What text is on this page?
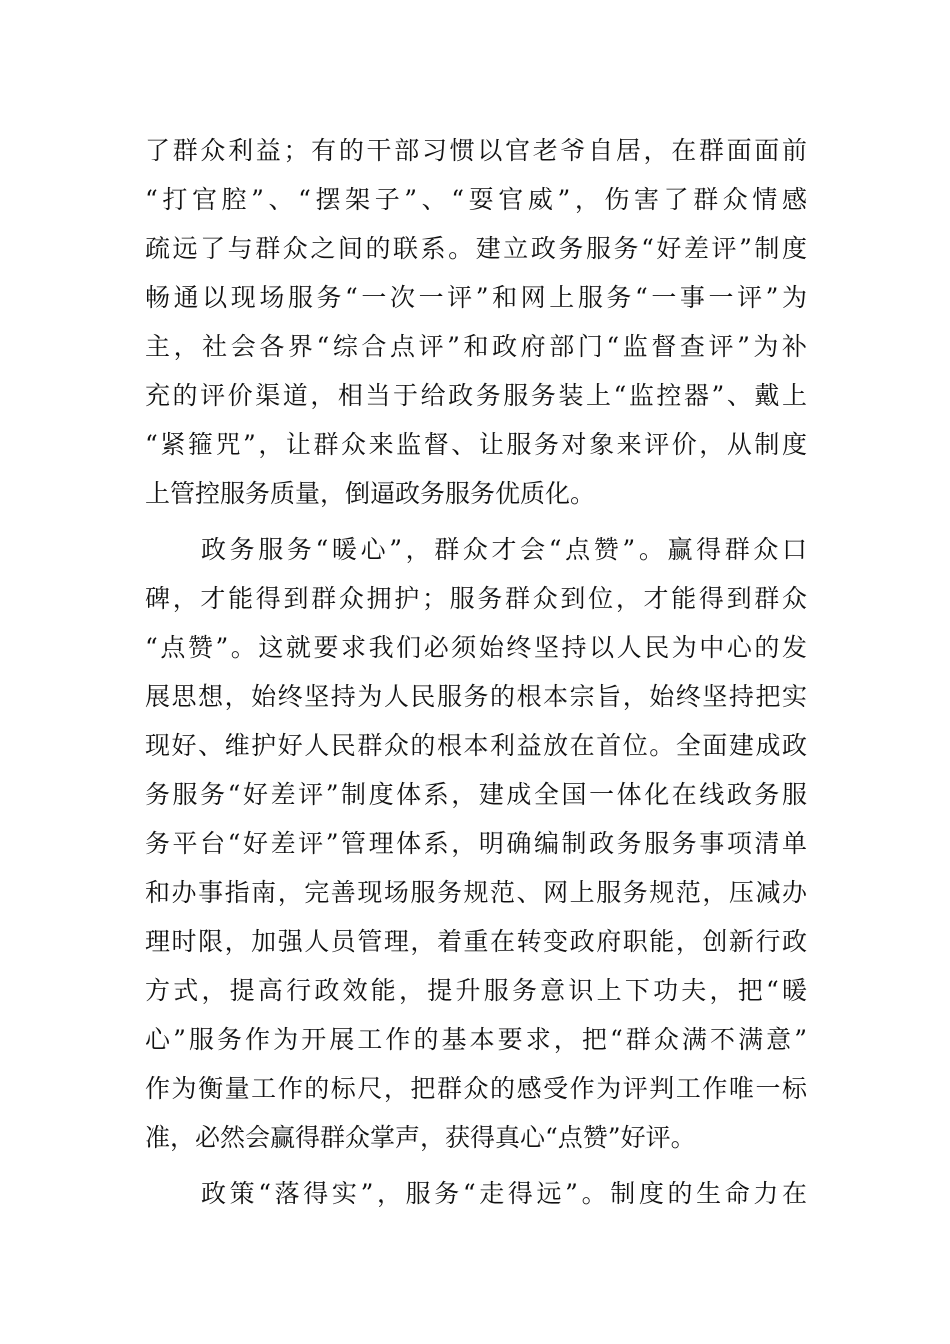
了群众利益；有的干部习惯以官老爷自居，在群面面前
“打官腔”、“摆架子”、“耍官威”，伤害了群众情感
疏远了与群众之间的联系。建立政务服务“好差评”制度
畅通以现场服务“一次一评”和网上服务“一事一评”为
主，社会各界“综合点评”和政府部门“监督查评”为补
充的评价渠道，相当于给政务服务装上“监控器”、戴上
“紧箍咒”，让群众来监督、让服务对象来评价，从制度
上管控服务质量，倒逼政务服务优质化。
政务服务“暖心”，群众才会“点赞”。赢得群众口
碑，才能得到群众拥护；服务群众到位，才能得到群众
“点赞”。这就要求我们必须始终坚持以人民为中心的发
展思想，始终坚持为人民服务的根本宗旨，始终坚持把实
现好、维护好人民群众的根本利益放在首位。全面建成政
务服务“好差评”制度体系，建成全国一体化在线政务服
务平台“好差评”管理体系，明确编制政务服务事项清单
和办事指南，完善现场服务规范、网上服务规范，压减办
理时限，加强人员管理，着重在转变政府职能，创新行政
方式，提高行政效能，提升服务意识上下功夫，把“暖
心”服务作为开展工作的基本要求，把“群众满不满意”
作为衡量工作的标尺，把群众的感受作为评判工作唯一标
准，必然会赢得群众掌声，获得真心“点赞”好评。
政策“落得实”，服务“走得远”。制度的生命力在
